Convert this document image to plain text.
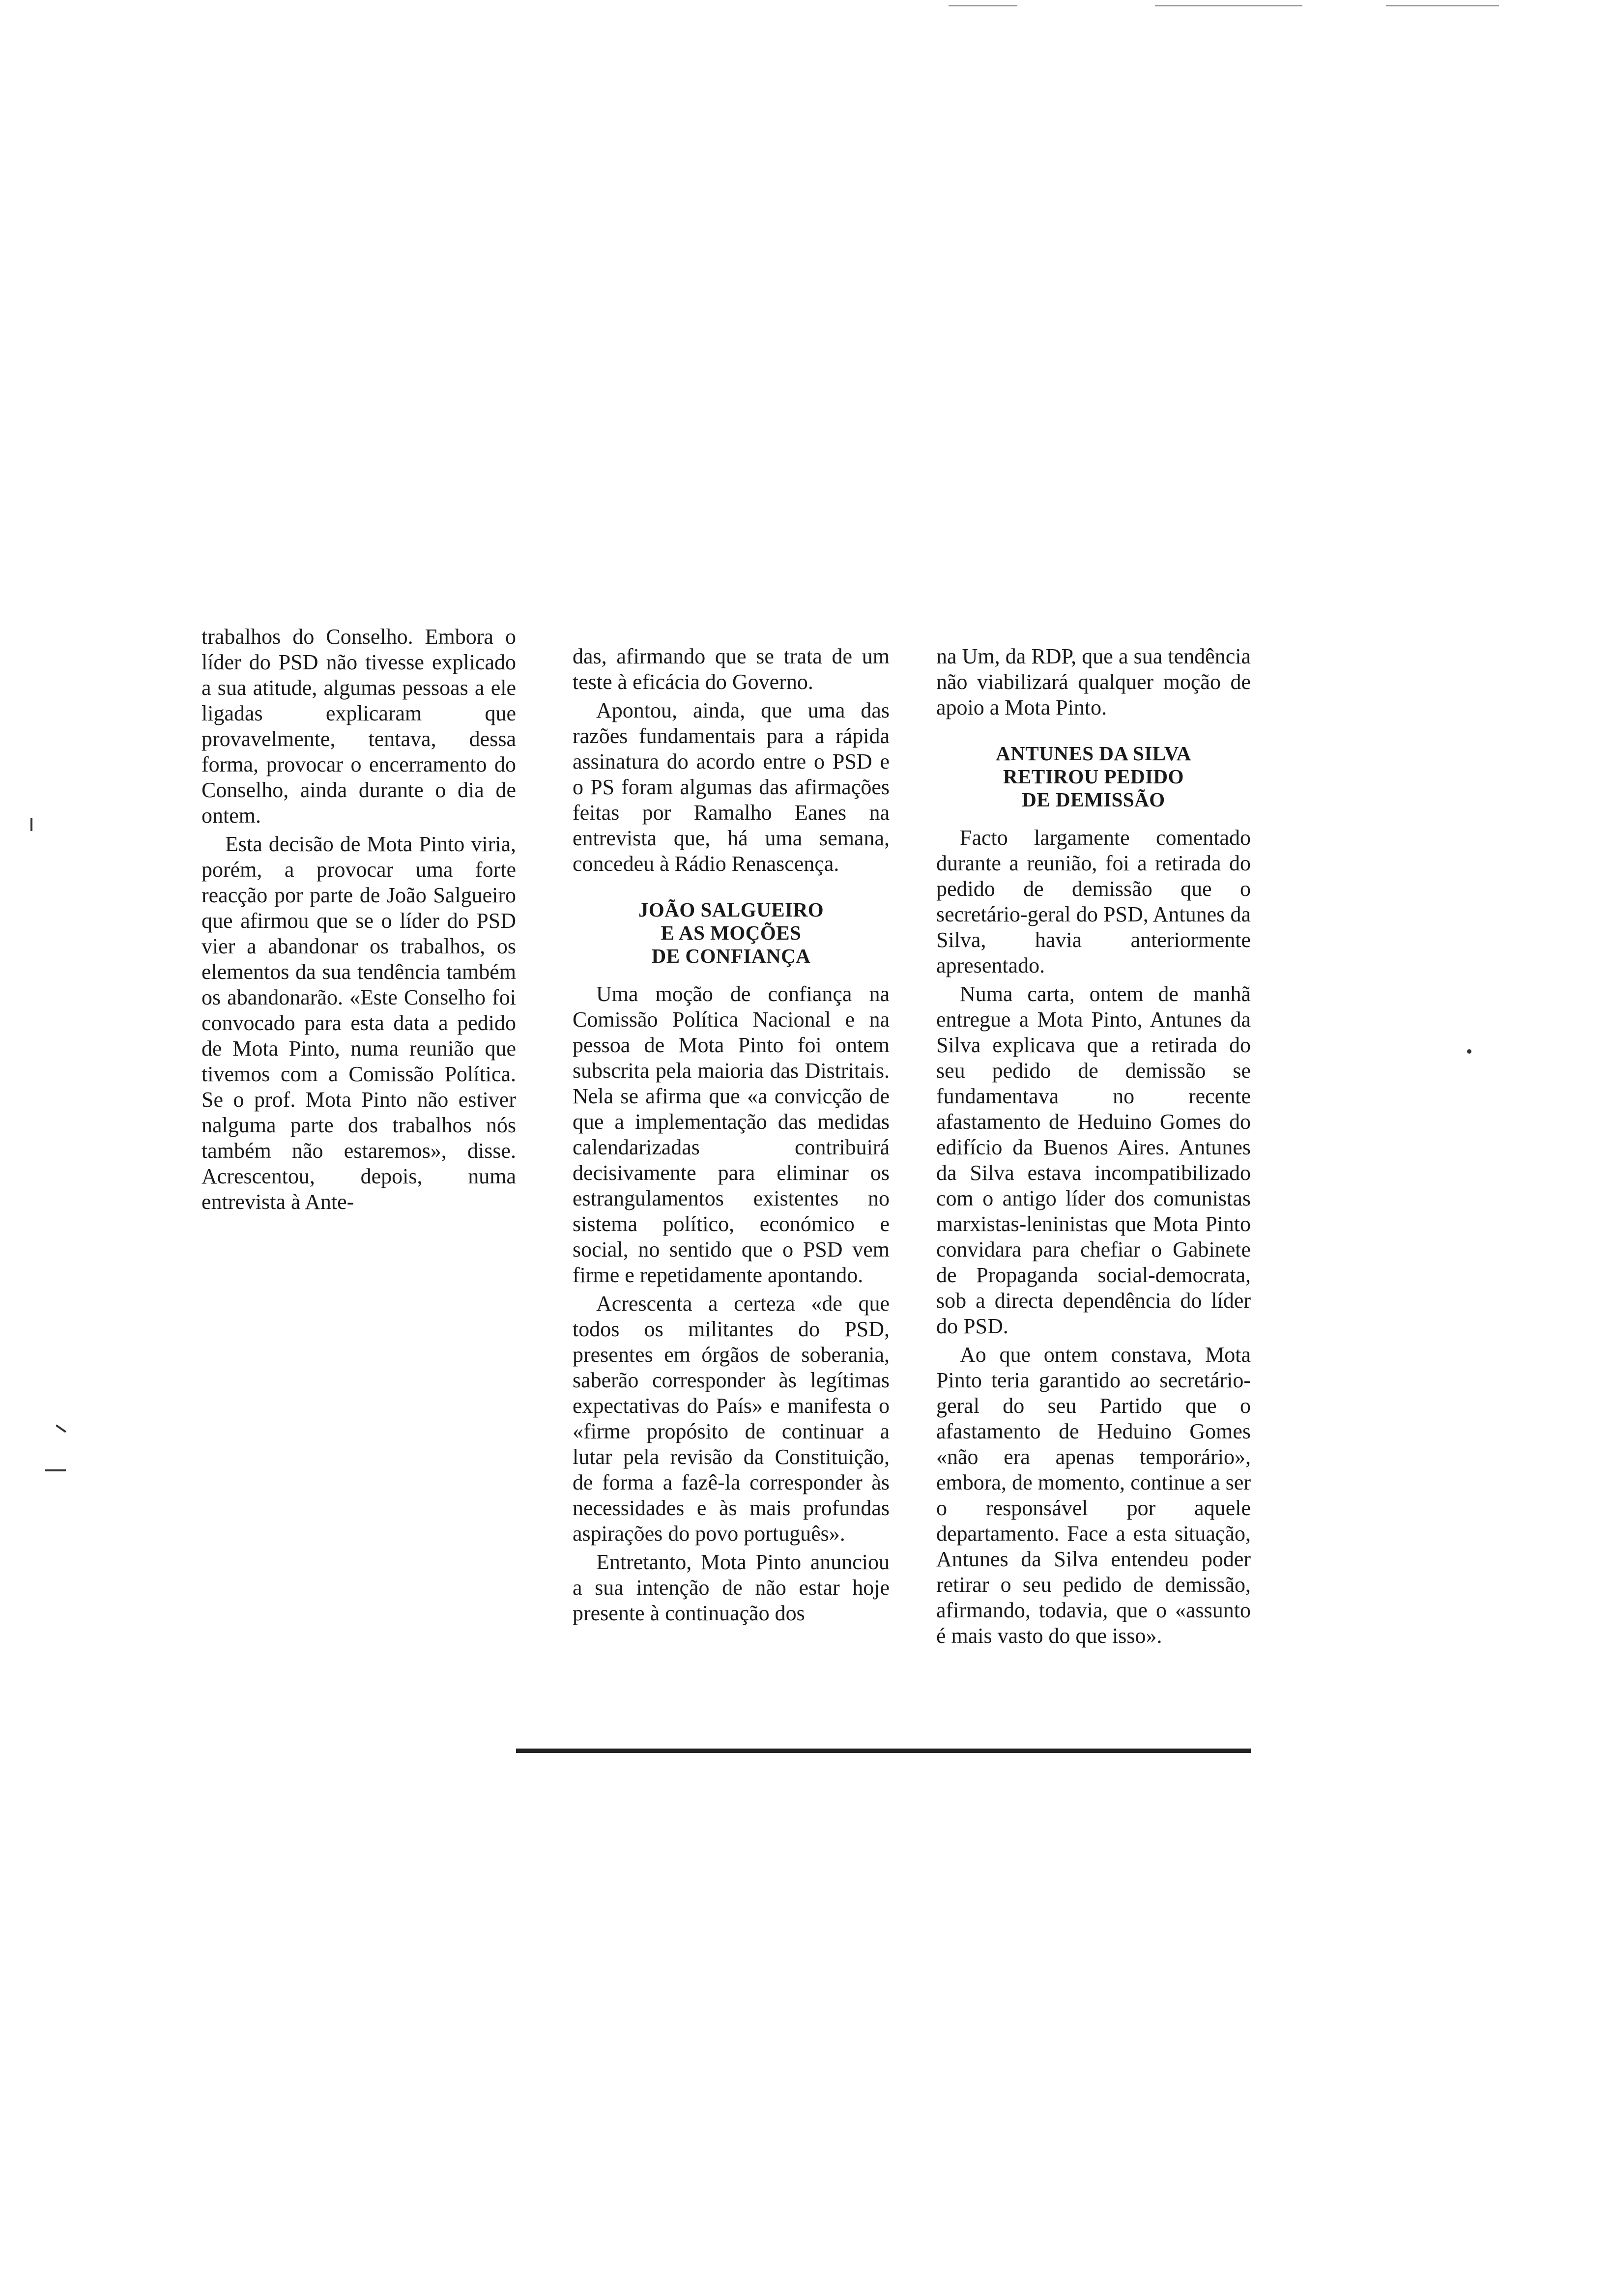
trabalhos do Conselho. Embora o líder do PSD não tivesse explicado a sua atitude, algumas pessoas a ele ligadas explicaram que provavelmente, tentava, dessa forma, provocar o encerramento do Conselho, ainda durante o dia de ontem.

Esta decisão de Mota Pinto viria, porém, a provocar uma forte reacção por parte de João Salgueiro que afirmou que se o líder do PSD vier a abandonar os trabalhos, os elementos da sua tendência também os abandonarão. «Este Conselho foi convocado para esta data a pedido de Mota Pinto, numa reunião que tivemos com a Comissão Política. Se o prof. Mota Pinto não estiver nalguma parte dos trabalhos nós também não estaremos», disse. Acrescentou, depois, numa entrevista à Ante-

das, afirmando que se trata de um teste à eficácia do Governo.

Apontou, ainda, que uma das razões fundamentais para a rápida assinatura do acordo entre o PSD e o PS foram algumas das afirmações feitas por Ramalho Eanes na entrevista que, há uma semana, concedeu à Rádio Renascença.

JOÃO SALGUEIRO
E AS MOÇÕES
DE CONFIANÇA

Uma moção de confiança na Comissão Política Nacional e na pessoa de Mota Pinto foi ontem subscrita pela maioria das Distritais. Nela se afirma que «a convicção de que a implementação das medidas calendarizadas contribuirá decisivamente para eliminar os estrangulamentos existentes no sistema político, económico e social, no sentido que o PSD vem firme e repetidamente apontando.

Acrescenta a certeza «de que todos os militantes do PSD, presentes em órgãos de soberania, saberão corresponder às legítimas expectativas do País» e manifesta o «firme propósito de continuar a lutar pela revisão da Constituição, de forma a fazê-la corresponder às necessidades e às mais profundas aspirações do povo português».

Entretanto, Mota Pinto anunciou a sua intenção de não estar hoje presente à continuação dos

na Um, da RDP, que a sua tendência não viabilizará qualquer moção de apoio a Mota Pinto.

ANTUNES DA SILVA
RETIROU PEDIDO
DE DEMISSÃO

Facto largamente comentado durante a reunião, foi a retirada do pedido de demissão que o secretário-geral do PSD, Antunes da Silva, havia anteriormente apresentado.

Numa carta, ontem de manhã entregue a Mota Pinto, Antunes da Silva explicava que a retirada do seu pedido de demissão se fundamentava no recente afastamento de Heduino Gomes do edifício da Buenos Aires. Antunes da Silva estava incompatibilizado com o antigo líder dos comunistas marxistas-leninistas que Mota Pinto convidara para chefiar o Gabinete de Propaganda social-democrata, sob a directa dependência do líder do PSD.

Ao que ontem constava, Mota Pinto teria garantido ao secretário-geral do seu Partido que o afastamento de Heduino Gomes «não era apenas temporário», embora, de momento, continue a ser o responsável por aquele departamento. Face a esta situação, Antunes da Silva entendeu poder retirar o seu pedido de demissão, afirmando, todavia, que o «assunto é mais vasto do que isso».
